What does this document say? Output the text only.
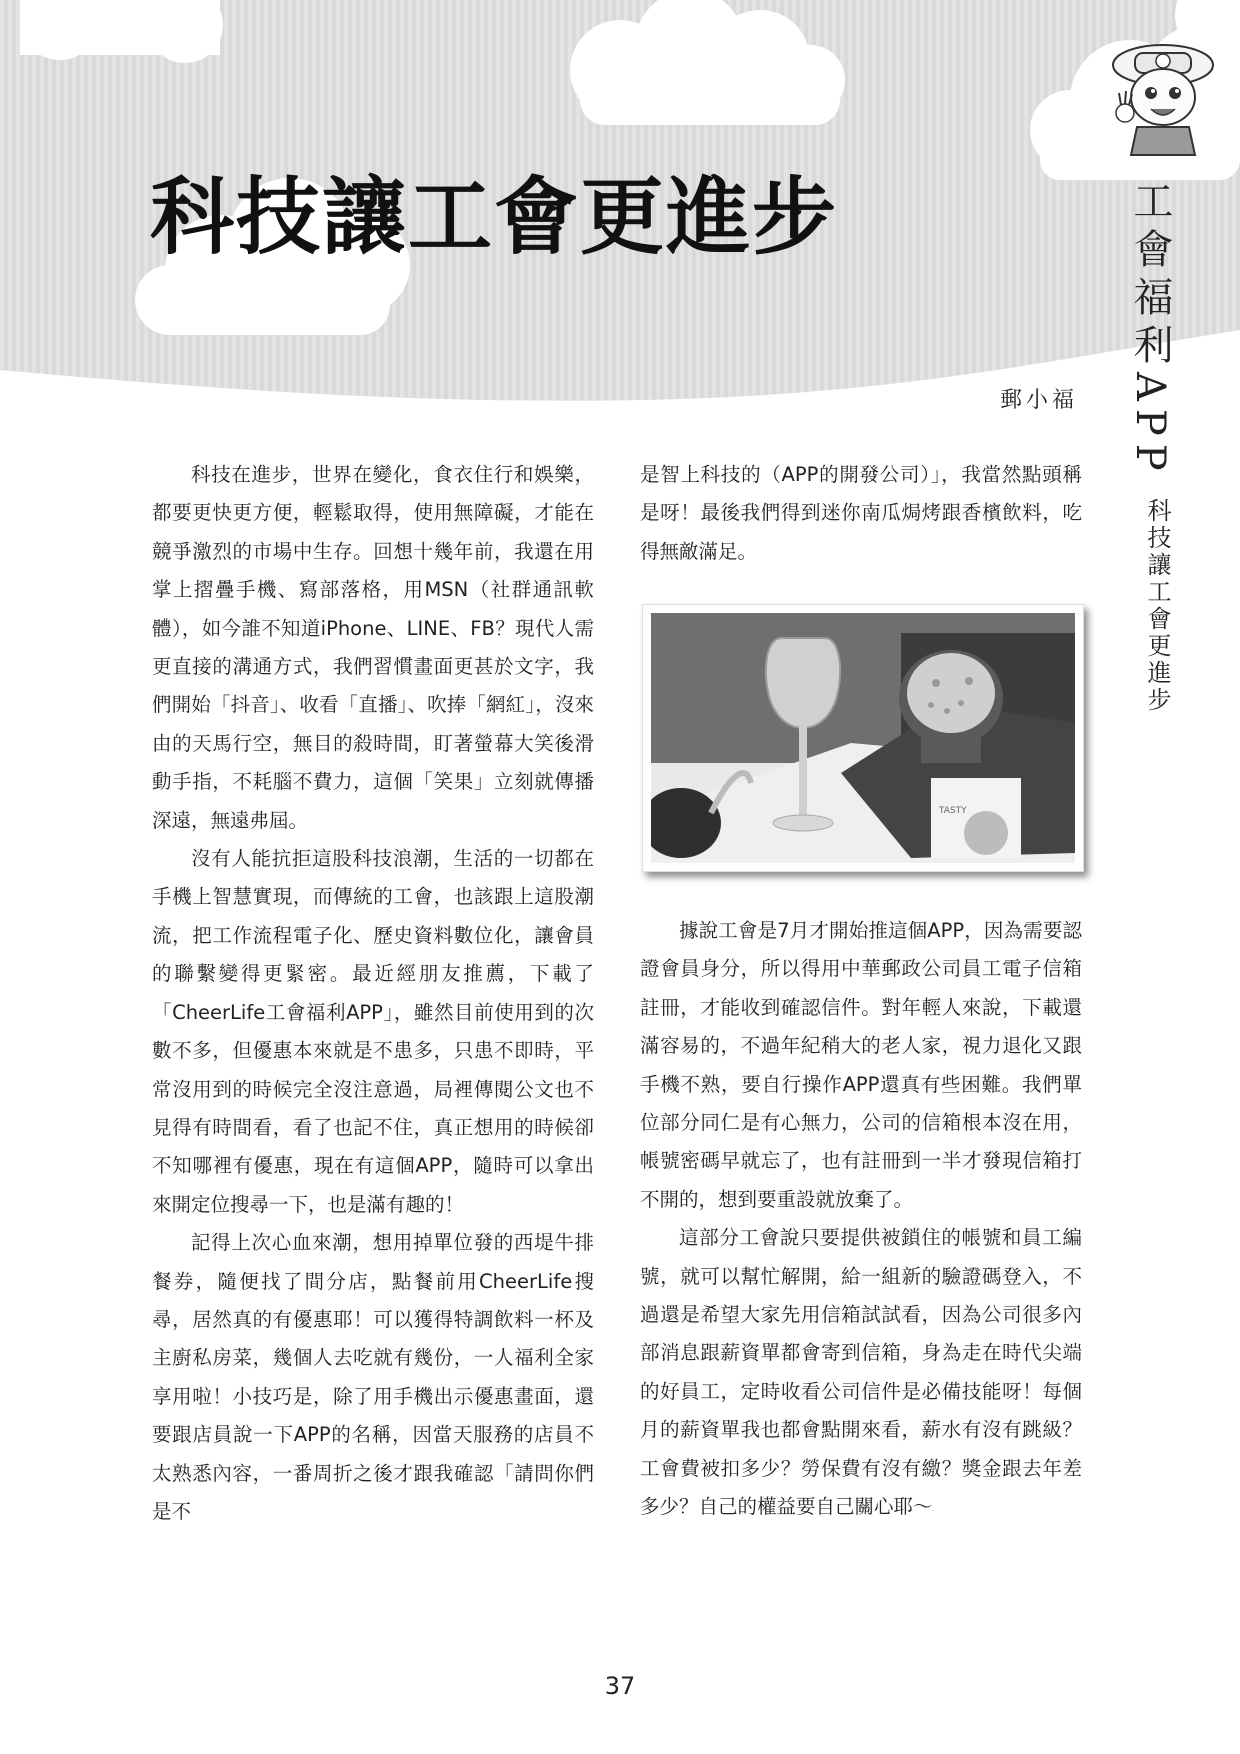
科技讓工會更進步	工會福利APP
科技讓工會更進步
郵小福

科技在進步，世界在變化，食衣住行和娛樂，都要更快更方便，輕鬆取得，使用無障礙，才能在競爭激烈的市場中生存。回想十幾年前，我還在用掌上摺疊手機、寫部落格，用MSN（社群通訊軟體），如今誰不知道iPhone、LINE、FB？現代人需更直接的溝通方式，我們習慣畫面更甚於文字，我們開始「抖音」、收看「直播」、吹捧「網紅」，沒來由的天馬行空，無目的殺時間，盯著螢幕大笑後滑動手指，不耗腦不費力，這個「笑果」立刻就傳播深遠，無遠弗屆。

沒有人能抗拒這股科技浪潮，生活的一切都在手機上智慧實現，而傳統的工會，也該跟上這股潮流，把工作流程電子化、歷史資料數位化，讓會員的聯繫變得更緊密。最近經朋友推薦，下載了「CheerLife工會福利APP」，雖然目前使用到的次數不多，但優惠本來就是不患多，只患不即時，平常沒用到的時候完全沒注意過，局裡傳閱公文也不見得有時間看，看了也記不住，真正想用的時候卻不知哪裡有優惠，現在有這個APP，隨時可以拿出來開定位搜尋一下，也是滿有趣的！

記得上次心血來潮，想用掉單位發的西堤牛排餐券，隨便找了間分店，點餐前用CheerLife搜尋，居然真的有優惠耶！可以獲得特調飲料一杯及主廚私房菜，幾個人去吃就有幾份，一人福利全家享用啦！小技巧是，除了用手機出示優惠畫面，還要跟店員說一下APP的名稱，因當天服務的店員不太熟悉內容，一番周折之後才跟我確認「請問你們是不

是智上科技的（APP的開發公司）」，我當然點頭稱是呀！最後我們得到迷你南瓜焗烤跟香檳飲料，吃得無敵滿足。

TASTY

據說工會是7月才開始推這個APP，因為需要認證會員身分，所以得用中華郵政公司員工電子信箱註冊，才能收到確認信件。對年輕人來說，下載還滿容易的，不過年紀稍大的老人家，視力退化又跟手機不熟，要自行操作APP還真有些困難。我們單位部分同仁是有心無力，公司的信箱根本沒在用，帳號密碼早就忘了，也有註冊到一半才發現信箱打不開的，想到要重設就放棄了。

這部分工會說只要提供被鎖住的帳號和員工編號，就可以幫忙解開，給一組新的驗證碼登入，不過還是希望大家先用信箱試試看，因為公司很多內部消息跟薪資單都會寄到信箱，身為走在時代尖端的好員工，定時收看公司信件是必備技能呀！每個月的薪資單我也都會點開來看，薪水有沒有跳級？工會費被扣多少？勞保費有沒有繳？獎金跟去年差多少？自己的權益要自己關心耶～

37
